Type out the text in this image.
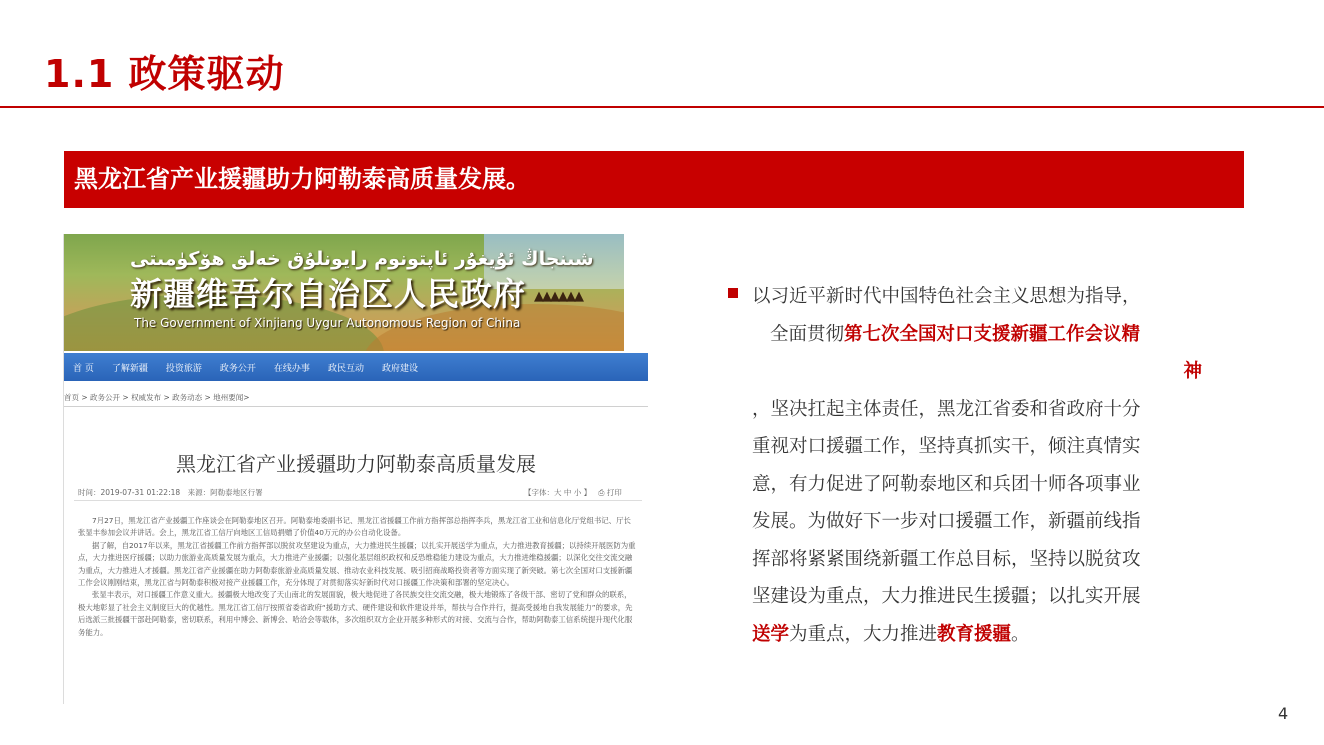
1.1 政策驱动
黑龙江省产业援疆助力阿勒泰高质量发展。
شىنجاڭ ئۇيغۇر ئاپتونوم رايونلۇق خەلق ھۆكۈمىتى
新疆维吾尔自治区人民政府
The Government of Xinjiang Uygur Autonomous Region of China
▲▲▲▲▲▲
首 页	了解新疆	投资旅游	政务公开	在线办事	政民互动	政府建设
首页 > 政务公开 > 权威发布 > 政务动态 > 地州要闻>
黑龙江省产业援疆助力阿勒泰高质量发展
时间：2019-07-31 01:22:18　来源：阿勒泰地区行署	【字体：大 中 小 】   ⎙ 打印

7月27日，黑龙江省产业援疆工作座谈会在阿勒泰地区召开。阿勒泰地委副书记、黑龙江省援疆工作前方指挥部总指挥李兵，黑龙江省工业和信息化厅党组书记、厅长张显丰参加会议并讲话。会上，黑龙江省工信厅向地区工信局捐赠了价值40万元的办公自动化设备。

据了解，自2017年以来，黑龙江省援疆工作前方指挥部以脱贫攻坚建设为重点，大力推进民生援疆；以扎实开展送学为重点，大力推进教育援疆；以持续开展医防为重点，大力推进医疗援疆；以助力旅游业高质量发展为重点，大力推进产业援疆；以强化基层组织政权和反恐维稳能力建设为重点，大力推进维稳援疆；以深化交往交流交融为重点，大力推进人才援疆。黑龙江省产业援疆在助力阿勒泰旅游业高质量发展、推动农业科技发展、吸引招商战略投资者等方面实现了新突破。第七次全国对口支援新疆工作会议刚刚结束，黑龙江省与阿勒泰积极对接产业援疆工作，充分体现了对贯彻落实好新时代对口援疆工作决策和部署的坚定决心。

张显丰表示，对口援疆工作意义重大。援疆极大地改变了天山南北的发展面貌，极大地促进了各民族交往交流交融，极大地锻炼了各级干部、密切了党和群众的联系，极大地彰显了社会主义制度巨大的优越性。黑龙江省工信厅按照省委省政府“援助方式、硬件建设和软件建设并举，帮扶与合作并行，提高受援地自我发展能力”的要求，先后选派三批援疆干部赴阿勒泰，密切联系，利用中博会、新博会、哈洽会等载体，多次组织双方企业开展多种形式的对接、交流与合作，帮助阿勒泰工信系统提升现代化服务能力。

以习近平新时代中国特色社会主义思想为指导，
全面贯彻第七次全国对口支援新疆工作会议精
神
，坚决扛起主体责任，黑龙江省委和省政府十分
重视对口援疆工作，坚持真抓实干，倾注真情实
意，有力促进了阿勒泰地区和兵团十师各项事业
发展。为做好下一步对口援疆工作，新疆前线指
挥部将紧紧围绕新疆工作总目标，坚持以脱贫攻
坚建设为重点，大力推进民生援疆；以扎实开展
送学为重点，大力推进教育援疆。
4
